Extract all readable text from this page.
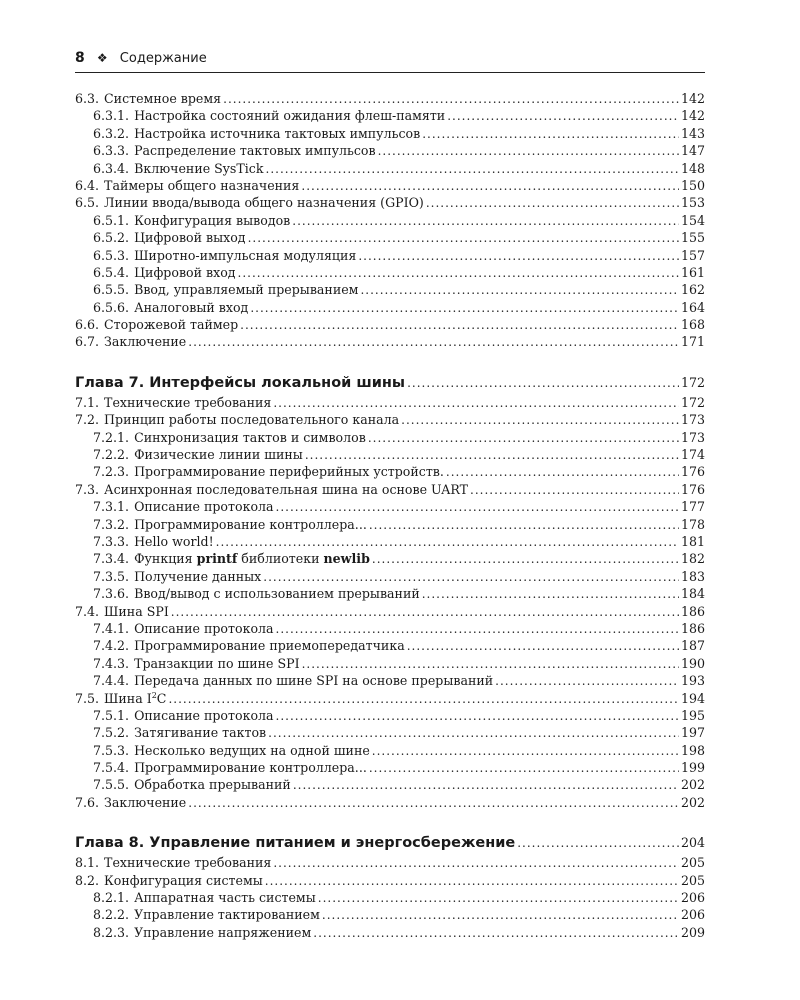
8 ❖ Содержание
6.3. Системное время .....	142
6.3.1. Настройка состояний ожидания флеш-памяти .....	142
6.3.2. Настройка источника тактовых импульсов .....	143
6.3.3. Распределение тактовых импульсов .....	147
6.3.4. Включение SysTick .....	148
6.4. Таймеры общего назначения .....	150
6.5. Линии ввода/вывода общего назначения (GPIO) .....	153
6.5.1. Конфигурация выводов .....	154
6.5.2. Цифровой выход .....	155
6.5.3. Широтно-импульсная модуляция .....	157
6.5.4. Цифровой вход .....	161
6.5.5. Ввод, управляемый прерыванием .....	162
6.5.6. Аналоговый вход .....	164
6.6. Сторожевой таймер .....	168
6.7. Заключение .....	171
Глава 7. Интерфейсы локальной шины .....	172
7.1. Технические требования .....	172
7.2. Принцип работы последовательного канала .....	173
7.2.1. Синхронизация тактов и символов .....	173
7.2.2. Физические линии шины .....	174
7.2.3. Программирование периферийных устройств. .....	176
7.3. Асинхронная последовательная шина на основе UART .....	176
7.3.1. Описание протокола .....	177
7.3.2. Программирование контроллера... .....	178
7.3.3. Hello world! .....	181
7.3.4. Функция printf библиотеки newlib .....	182
7.3.5. Получение данных .....	183
7.3.6. Ввод/вывод с использованием прерываний .....	184
7.4. Шина SPI .....	186
7.4.1. Описание протокола .....	186
7.4.2. Программирование приемопередатчика .....	187
7.4.3. Транзакции по шине SPI .....	190
7.4.4. Передача данных по шине SPI на основе прерываний .....	193
7.5. Шина $I^2C$ .....	194
7.5.1. Описание протокола .....	195
7.5.2. Затягивание тактов .....	197
7.5.3. Несколько ведущих на одной шине .....	198
7.5.4. Программирование контроллера... .....	199
7.5.5. Обработка прерываний .....	202
7.6. Заключение .....	202
Глава 8. Управление питанием и энергосбережение .....	204
8.1. Технические требования .....	205
8.2. Конфигурация системы .....	205
8.2.1. Аппаратная часть системы .....	206
8.2.2. Управление тактированием .....	206
8.2.3. Управление напряжением .....	209
